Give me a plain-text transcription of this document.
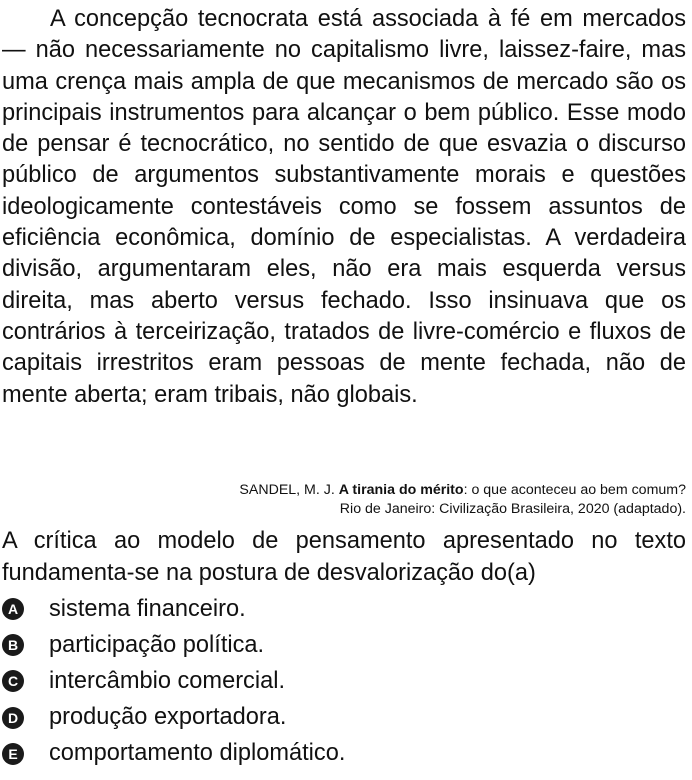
A concepção tecnocrata está associada à fé em mercados — não necessariamente no capitalismo livre, laissez-faire, mas uma crença mais ampla de que mecanismos de mercado são os principais instrumentos para alcançar o bem público. Esse modo de pensar é tecnocrático, no sentido de que esvazia o discurso público de argumentos substantivamente morais e questões ideologicamente contestáveis como se fossem assuntos de eficiência econômica, domínio de especialistas. A verdadeira divisão, argumentaram eles, não era mais esquerda versus direita, mas aberto versus fechado. Isso insinuava que os contrários à terceirização, tratados de livre-comércio e fluxos de capitais irrestritos eram pessoas de mente fechada, não de mente aberta; eram tribais, não globais.

SANDEL, M. J. A tirania do mérito: o que aconteceu ao bem comum?
Rio de Janeiro: Civilização Brasileira, 2020 (adaptado).

A crítica ao modelo de pensamento apresentado no texto fundamenta-se na postura de desvalorização do(a)

A sistema financeiro.
B participação política.
C intercâmbio comercial.
D produção exportadora.
E comportamento diplomático.
